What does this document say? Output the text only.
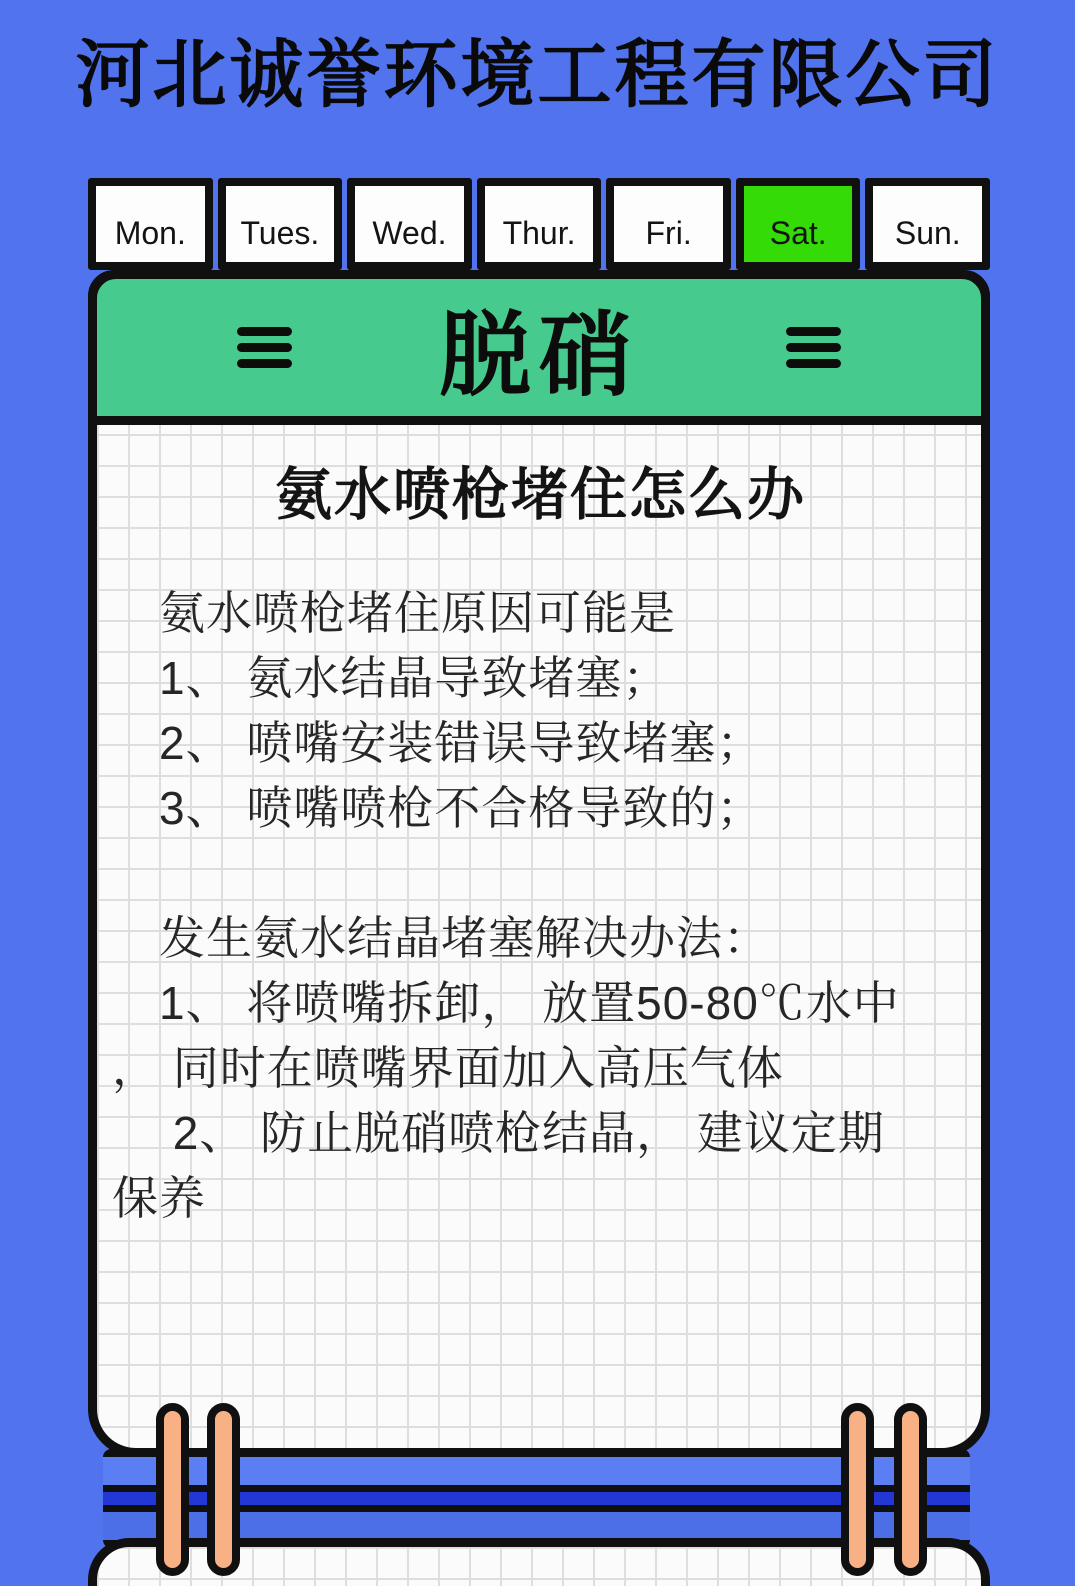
河北诚誉环境工程有限公司
Mon.	Tues.	Wed.	Thur.	Fri.	Sat.	Sun.
脱硝
氨水喷枪堵住怎么办
　氨水喷枪堵住原因可能是
　1、 氨水结晶导致堵塞；
　2、 喷嘴安装错误导致堵塞；
　3、 喷嘴喷枪不合格导致的；
　发生氨水结晶堵塞解决办法：
　1、 将喷嘴拆卸， 放置50-80℃水中
， 同时在喷嘴界面加入高压气体
　 2、 防止脱硝喷枪结晶， 建议定期
保养
